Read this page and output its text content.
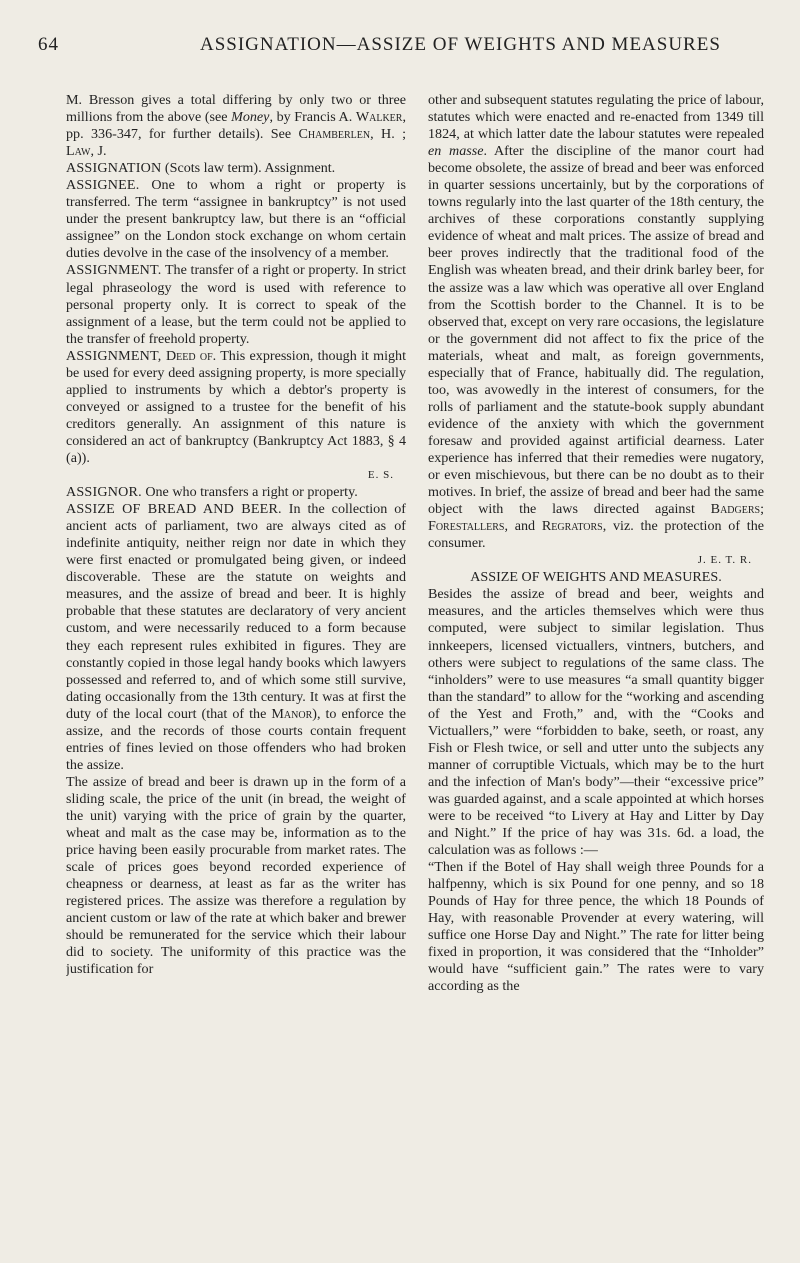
64	ASSIGNATION—ASSIZE OF WEIGHTS AND MEASURES

M. Bresson gives a total differing by only two or three millions from the above (see Money, by Francis A. Walker, pp. 336-347, for further details). See Chamberlen, H. ; Law, J.

ASSIGNATION (Scots law term). Assignment.

ASSIGNEE. One to whom a right or property is transferred. The term “assignee in bankruptcy” is not used under the present bankruptcy law, but there is an “official assignee” on the London stock exchange on whom certain duties devolve in the case of the insolvency of a member.

ASSIGNMENT. The transfer of a right or property. In strict legal phraseology the word is used with reference to personal property only. It is correct to speak of the assignment of a lease, but the term could not be applied to the transfer of freehold property.

ASSIGNMENT, Deed of. This expression, though it might be used for every deed assigning property, is more specially applied to instruments by which a debtor's property is conveyed or assigned to a trustee for the benefit of his creditors generally. An assignment of this nature is considered an act of bankruptcy (Bankruptcy Act 1883, § 4 (a)).

E. S.

ASSIGNOR. One who transfers a right or property.

ASSIZE OF BREAD AND BEER. In the collection of ancient acts of parliament, two are always cited as of indefinite antiquity, neither reign nor date in which they were first enacted or promulgated being given, or indeed discoverable. These are the statute on weights and measures, and the assize of bread and beer. It is highly probable that these statutes are declaratory of very ancient custom, and were necessarily reduced to a form because they each represent rules exhibited in figures. They are constantly copied in those legal handy books which lawyers possessed and referred to, and of which some still survive, dating occasionally from the 13th century. It was at first the duty of the local court (that of the Manor), to enforce the assize, and the records of those courts contain frequent entries of fines levied on those offenders who had broken the assize.

The assize of bread and beer is drawn up in the form of a sliding scale, the price of the unit (in bread, the weight of the unit) varying with the price of grain by the quarter, wheat and malt as the case may be, information as to the price having been easily procurable from market rates. The scale of prices goes beyond recorded experience of cheapness or dearness, at least as far as the writer has registered prices. The assize was therefore a regulation by ancient custom or law of the rate at which baker and brewer should be remunerated for the service which their labour did to society. The uniformity of this practice was the justification for

other and subsequent statutes regulating the price of labour, statutes which were enacted and re-enacted from 1349 till 1824, at which latter date the labour statutes were repealed en masse. After the discipline of the manor court had become obsolete, the assize of bread and beer was enforced in quarter sessions uncertainly, but by the corporations of towns regularly into the last quarter of the 18th century, the archives of these corporations constantly supplying evidence of wheat and malt prices. The assize of bread and beer proves indirectly that the traditional food of the English was wheaten bread, and their drink barley beer, for the assize was a law which was operative all over England from the Scottish border to the Channel. It is to be observed that, except on very rare occasions, the legislature or the government did not affect to fix the price of the materials, wheat and malt, as foreign governments, especially that of France, habitually did. The regulation, too, was avowedly in the interest of consumers, for the rolls of parliament and the statute-book supply abundant evidence of the anxiety with which the government foresaw and provided against artificial dearness. Later experience has inferred that their remedies were nugatory, or even mischievous, but there can be no doubt as to their motives. In brief, the assize of bread and beer had the same object with the laws directed against Badgers; Forestallers, and Regrators, viz. the protection of the consumer.

J. E. T. R.

ASSIZE OF WEIGHTS AND MEASURES.

Besides the assize of bread and beer, weights and measures, and the articles themselves which were thus computed, were subject to similar legislation. Thus innkeepers, licensed victuallers, vintners, butchers, and others were subject to regulations of the same class. The “inholders” were to use measures “a small quantity bigger than the standard” to allow for the “working and ascending of the Yest and Froth,” and, with the “Cooks and Victuallers,” were “forbidden to bake, seeth, or roast, any Fish or Flesh twice, or sell and utter unto the subjects any manner of corruptible Victuals, which may be to the hurt and the infection of Man's body”—their “excessive price” was guarded against, and a scale appointed at which horses were to be received “to Livery at Hay and Litter by Day and Night.” If the price of hay was 31s. 6d. a load, the calculation was as follows :—

“Then if the Botel of Hay shall weigh three Pounds for a halfpenny, which is six Pound for one penny, and so 18 Pounds of Hay for three pence, the which 18 Pounds of Hay, with reasonable Provender at every watering, will suffice one Horse Day and Night.” The rate for litter being fixed in proportion, it was considered that the “Inholder” would have “sufficient gain.” The rates were to vary according as the
